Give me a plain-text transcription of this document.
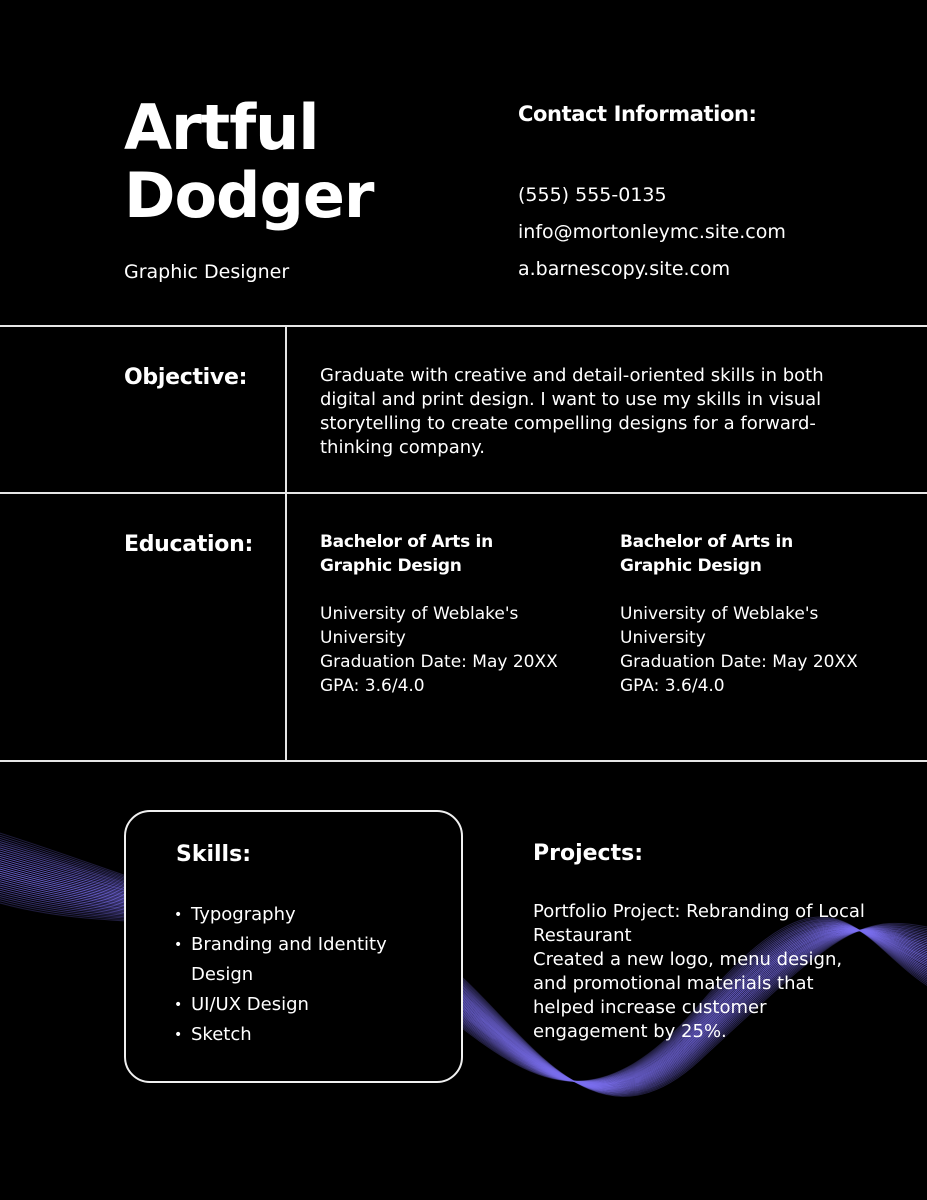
Artful
Dodger
Graphic Designer
Contact Information:
(555) 555-0135
info@mortonleymc.site.com
a.barnescopy.site.com
Objective:	Graduate with creative and detail-oriented skills in both digital and print design. I want to use my skills in visual storytelling to create compelling designs for a forward-thinking company.

Education:	Bachelor of Arts in Graphic Design
University of Weblake's University
Graduation Date: May 20XX
GPA: 3.6/4.0
Bachelor of Arts in Graphic Design
University of Weblake's University
Graduation Date: May 20XX
GPA: 3.6/4.0
Skills:
• Typography
• Branding and Identity Design
• UI/UX Design
• Sketch
Projects:
Portfolio Project: Rebranding of Local Restaurant
Created a new logo, menu design, and promotional materials that helped increase customer engagement by 25%.
